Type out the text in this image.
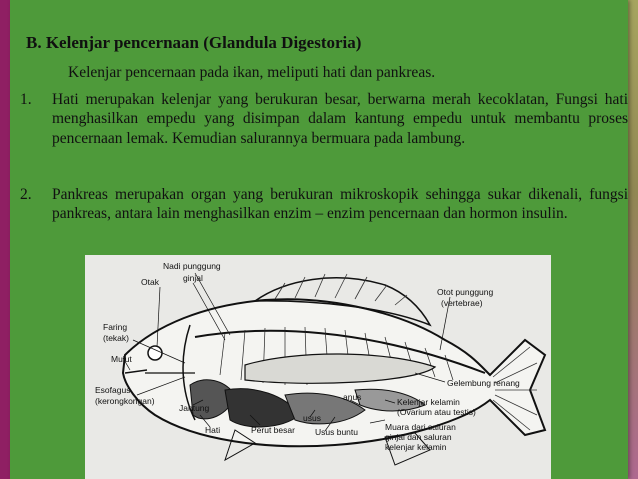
B. Kelenjar pencernaan (Glandula Digestoria)
Kelenjar pencernaan pada ikan, meliputi hati dan pankreas.
1. Hati merupakan kelenjar yang berukuran besar, berwarna merah kecoklatan, Fungsi hati menghasilkan empedu yang disimpan dalam kantung empedu untuk membantu proses pencernaan lemak. Kemudian salurannya bermuara pada lambung.
2. Pankreas merupakan organ yang berukuran mikroskopik sehingga sukar dikenali, fungsi pankreas, antara lain menghasilkan enzim – enzim pencernaan dan hormon insulin.
Nadi punggung
ginjal
Otak
Faring
(tekak)
Mulut
Esofagus
(kerongkongan)
Jantung
Hati	Perut besar Usus buntu
usus
anus	Kelenjar kelamin
(Ovarium atau testis)
Muara dari saluran
ginjal dan saluran
kelenjar kelamin
Gelembung renang
Otot punggung
(vertebrae)
